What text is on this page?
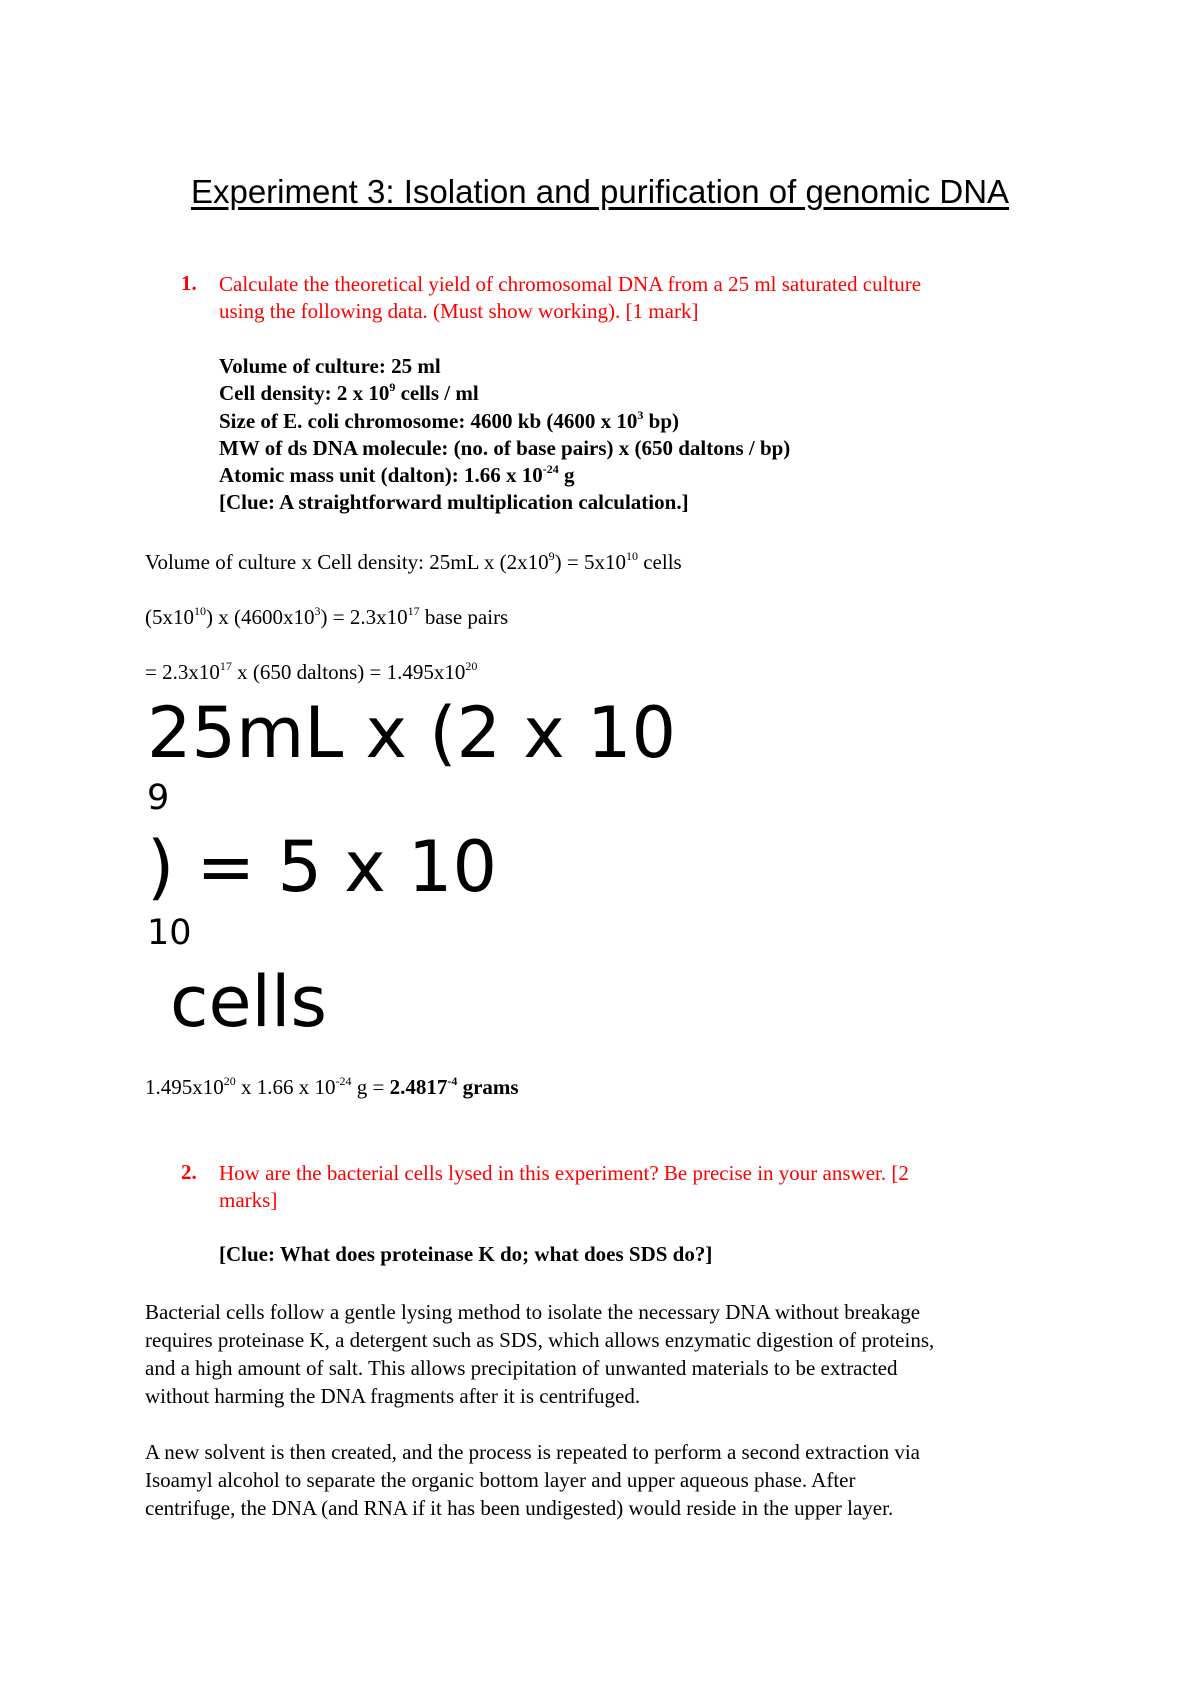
Experiment 3: Isolation and purification of genomic DNA
1. Calculate the theoretical yield of chromosomal DNA from a 25 ml saturated culture
using the following data. (Must show working). [1 mark]
Volume of culture: 25 ml
Cell density: 2 x $10^9$ cells / ml
Size of E. coli chromosome: 4600 kb (4600 x $10^3$ bp)
MW of ds DNA molecule: (no. of base pairs) x (650 daltons / bp)
Atomic mass unit (dalton): 1.66 x $10^{-24}$ g
[Clue: A straightforward multiplication calculation.]
Volume of culture x Cell density: 25mL x $(2x10^9) = 5x10^{10}$ cells
$(5x10^{10})$ x $(4600x10^3) = 2.3x10^{17}$ base pairs
= $2.3x10^{17}$ x (650 daltons) = $1.495x10^{20}$
25mL x (2 x 10
9
) = 5 x 10
10
cells
$1.495x10^{20}$ x 1.66 x $10^{-24}$ $g = 2.4817^{-4}$ grams
2. How are the bacterial cells lysed in this experiment? Be precise in your answer. [2
marks]
[Clue: What does proteinase K do; what does SDS do?]
Bacterial cells follow a gentle lysing method to isolate the necessary DNA without breakage
requires proteinase K, a detergent such as SDS, which allows enzymatic digestion of proteins,
and a high amount of salt. This allows precipitation of unwanted materials to be extracted
without harming the DNA fragments after it is centrifuged.
A new solvent is then created, and the process is repeated to perform a second extraction via
Isoamyl alcohol to separate the organic bottom layer and upper aqueous phase. After
centrifuge, the DNA (and RNA if it has been undigested) would reside in the upper layer.
